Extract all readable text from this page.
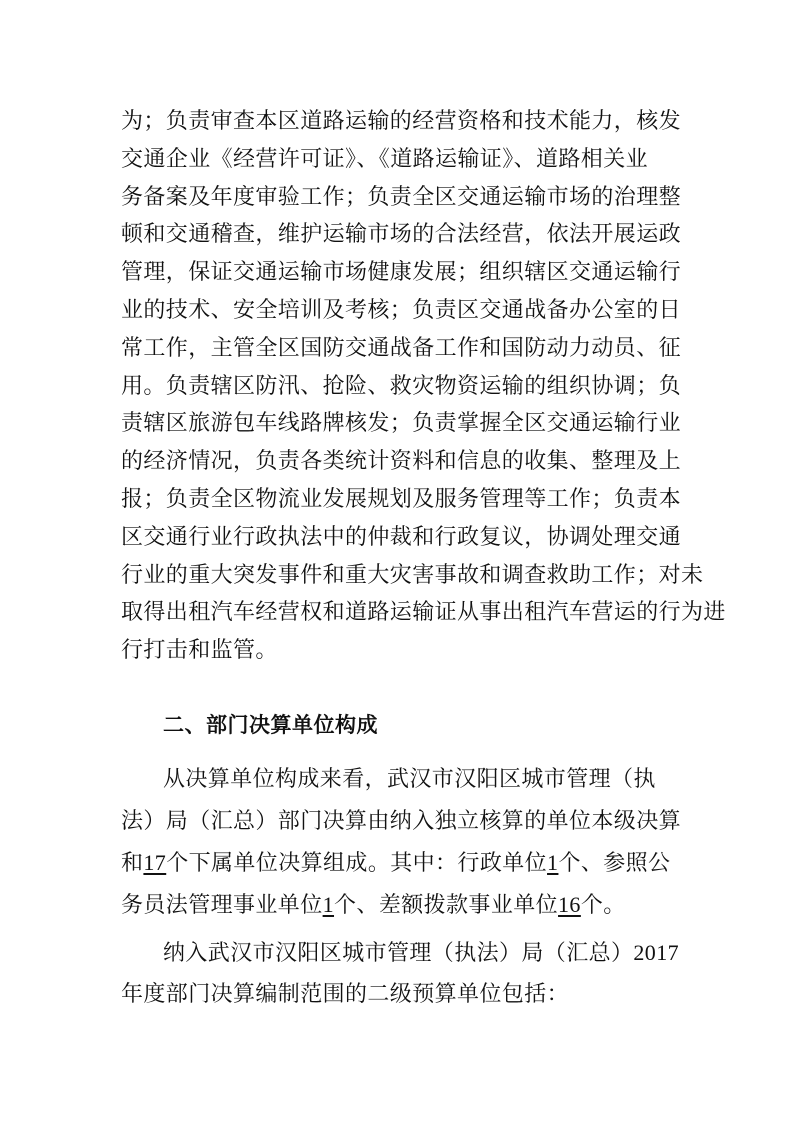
为；负责审查本区道路运输的经营资格和技术能力，核发
交通企业《经营许可证》、《道路运输证》、道路相关业
务备案及年度审验工作；负责全区交通运输市场的治理整
顿和交通稽查，维护运输市场的合法经营，依法开展运政
管理，保证交通运输市场健康发展；组织辖区交通运输行
业的技术、安全培训及考核；负责区交通战备办公室的日
常工作，主管全区国防交通战备工作和国防动力动员、征
用。负责辖区防汛、抢险、救灾物资运输的组织协调；负
责辖区旅游包车线路牌核发；负责掌握全区交通运输行业
的经济情况，负责各类统计资料和信息的收集、整理及上
报；负责全区物流业发展规划及服务管理等工作；负责本
区交通行业行政执法中的仲裁和行政复议，协调处理交通
行业的重大突发事件和重大灾害事故和调查救助工作；对未
取得出租汽车经营权和道路运输证从事出租汽车营运的行为进
行打击和监管。
二、部门决算单位构成
从决算单位构成来看，武汉市汉阳区城市管理（执
法）局（汇总）部门决算由纳入独立核算的单位本级决算
和17个下属单位决算组成。其中：行政单位1个、参照公
务员法管理事业单位1个、差额拨款事业单位16个。
纳入武汉市汉阳区城市管理（执法）局（汇总）2017
年度部门决算编制范围的二级预算单位包括：
